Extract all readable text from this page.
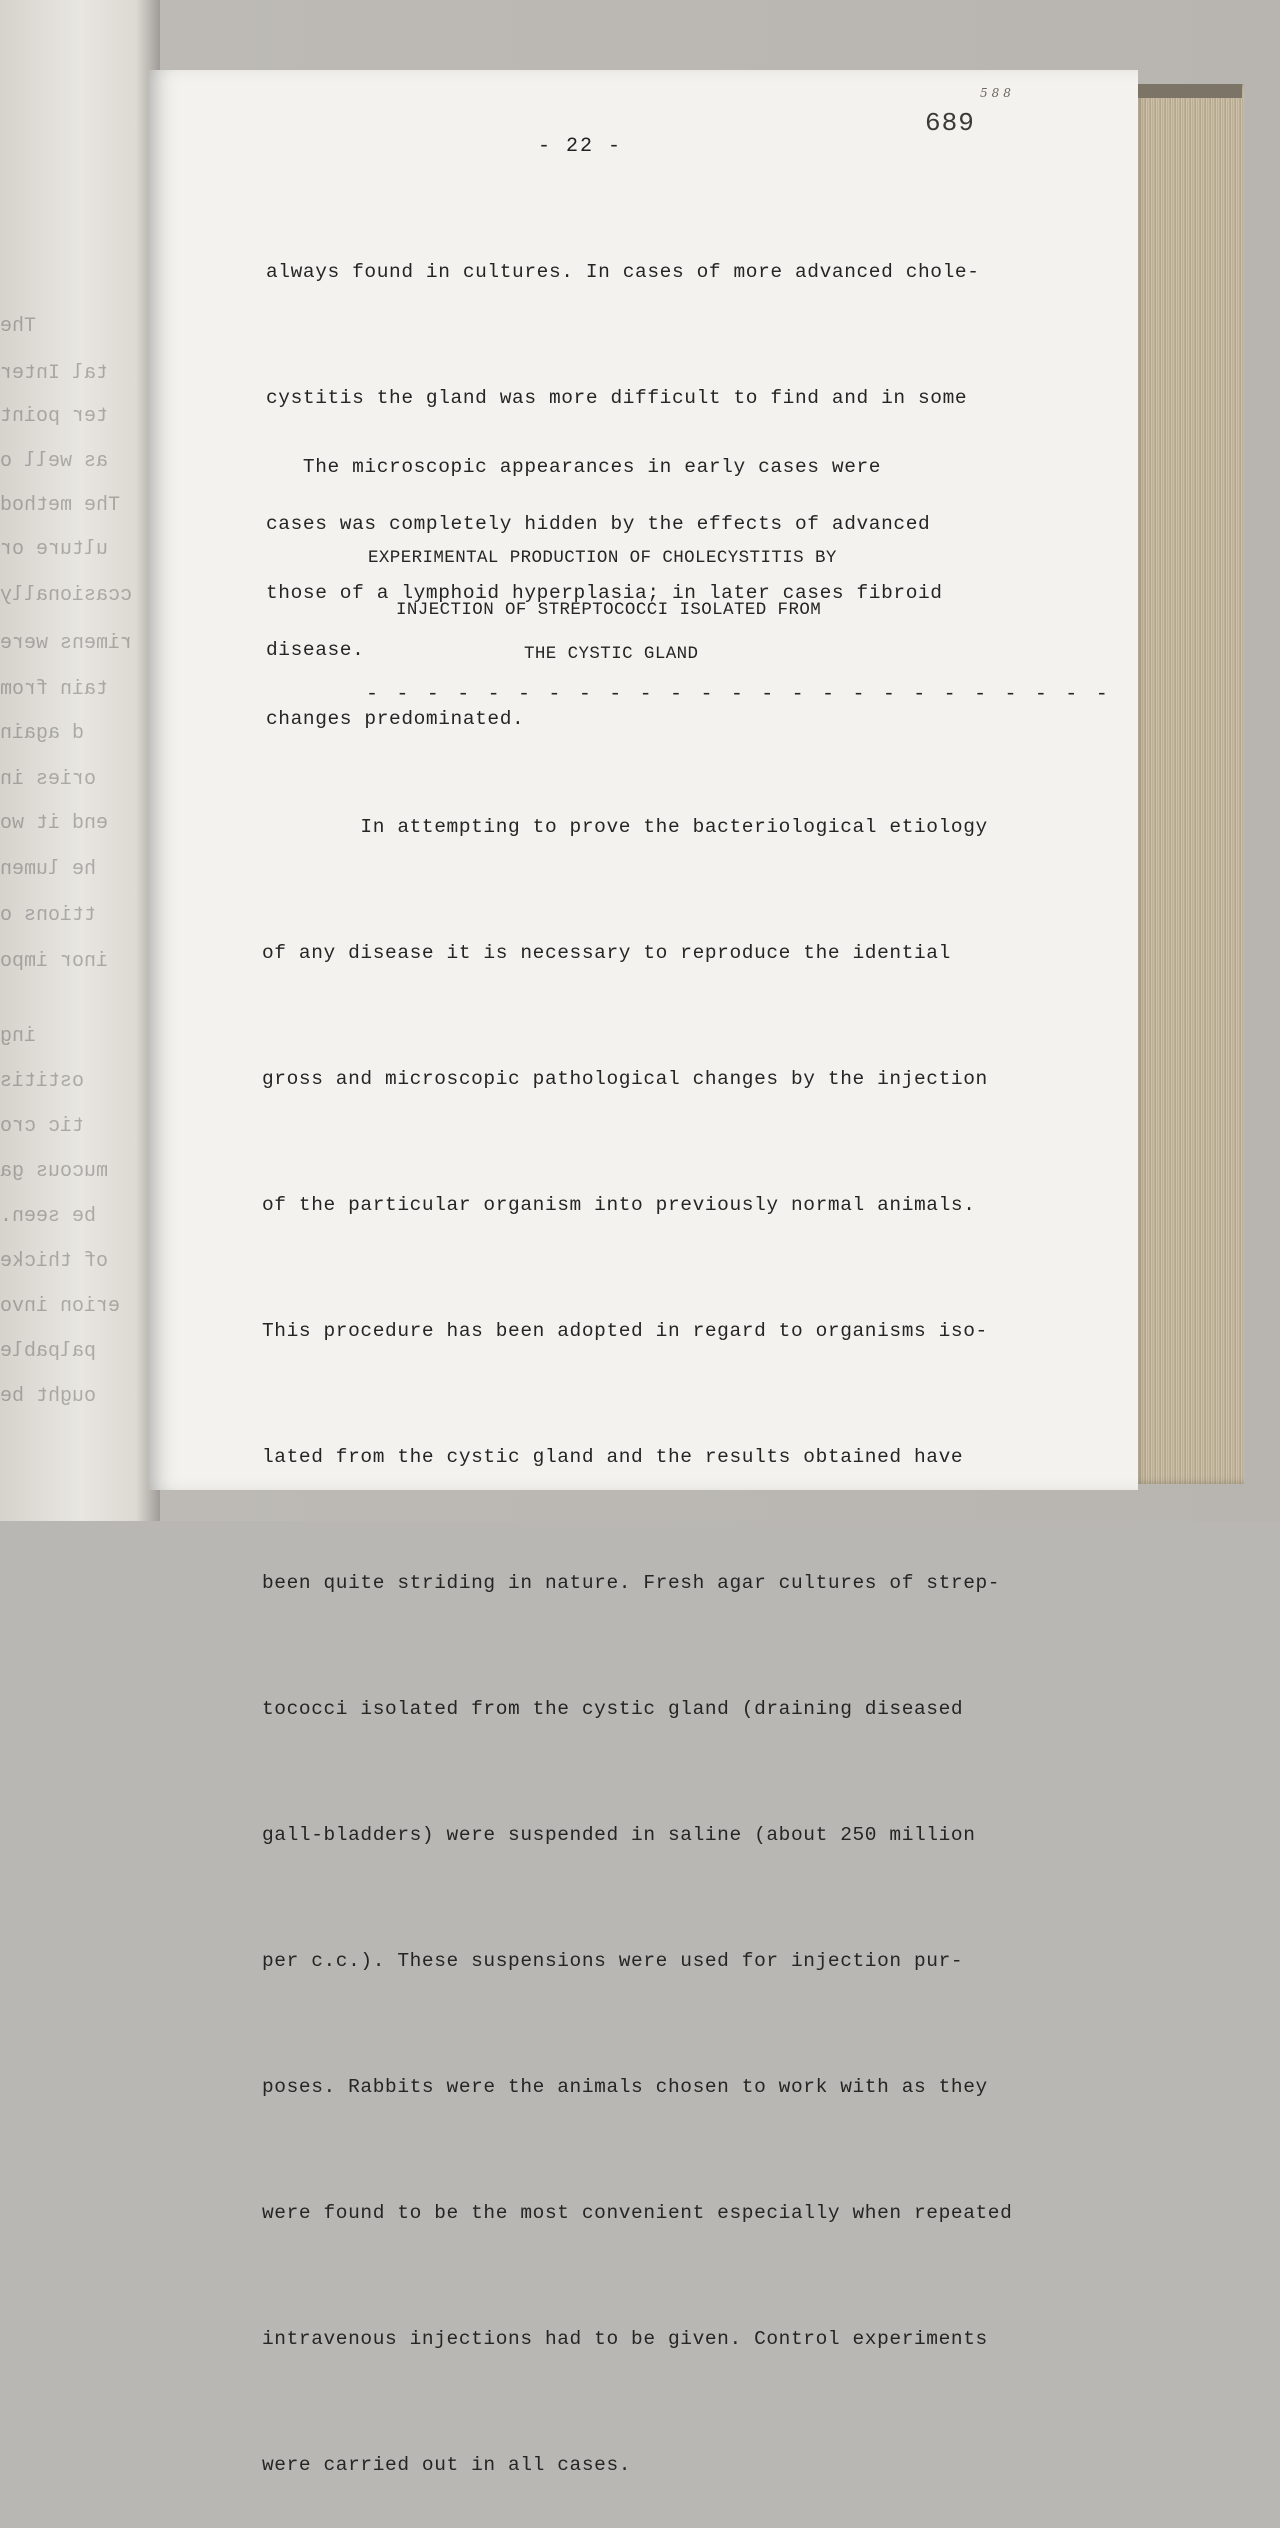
The
tal Inter
ter point
as well o
The method
ulture or
ccasionally
rimens were
tain from
d again
ories in
end it wo
he lumen
ttions o
inor impo
ing
ostitis
tic cro
mucous ga
be seen.
of thicke
erion invo
palpable
ought be
588
689
- 22 -

always found in cultures. In cases of more advanced chole-

cystitis the gland was more difficult to find and in some

cases was completely hidden by the effects of advanced

disease.

The microscopic appearances in early cases were

those of a lymphoid hyperplasia; in later cases fibroid

changes predominated.

EXPERIMENTAL PRODUCTION OF CHOLECYSTITIS BY
INJECTION OF STREPTOCOCCI ISOLATED FROM
THE CYSTIC GLAND
- - - - - - - - - - - - - - - - - - - - - - - - -

In attempting to prove the bacteriological etiology

of any disease it is necessary to reproduce the idential

gross and microscopic pathological changes by the injection

of the particular organism into previously normal animals.

This procedure has been adopted in regard to organisms iso-

lated from the cystic gland and the results obtained have

been quite striding in nature. Fresh agar cultures of strep-

tococci isolated from the cystic gland (draining diseased

gall-bladders) were suspended in saline (about 250 million

per c.c.). These suspensions were used for injection pur-

poses. Rabbits were the animals chosen to work with as they

were found to be the most convenient especially when repeated

intravenous injections had to be given. Control experiments

were carried out in all cases.
